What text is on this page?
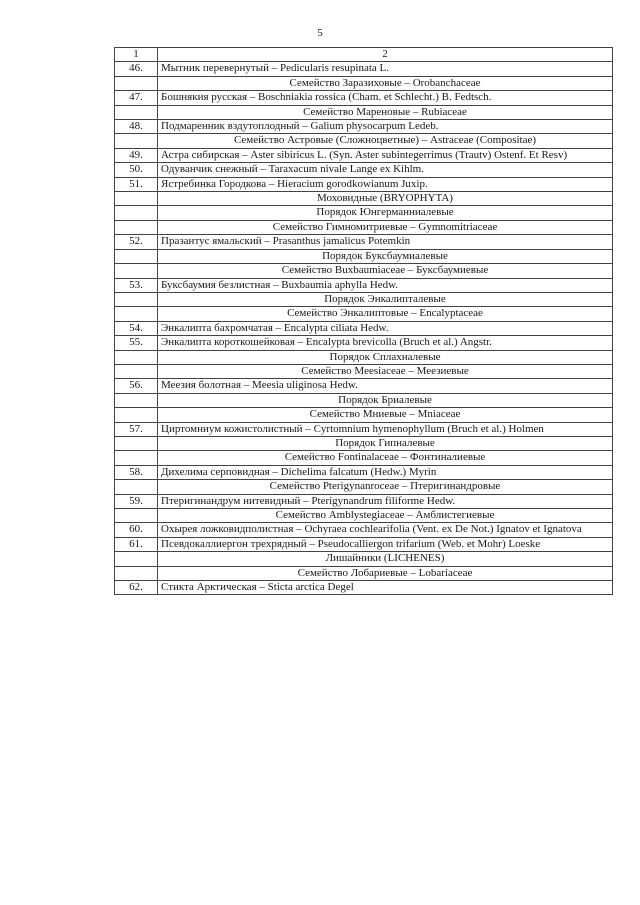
5
1	2
46.	Мытник перевернутый – Pedicularis resupinata L.
	Семейство Заразиховые – Orobanchaceae
47.	Бошнякия русская – Boschniakia rossica (Cham. et Schlecht.) B. Fedtsch.
	Семейство Мареновые – Rubiaceae
48.	Подмаренник вздутоплодный – Galium physocarpum Ledeb.
	Семейство Астровые (Сложноцветные) – Astraceae (Compositae)
49.	Астра сибирская – Aster sibiricus L. (Syn. Aster subintegerrimus (Trautv) Ostenf. Et Resv)
50.	Одуванчик снежный – Taraxacum nivale Lange ex Kihlm.
51.	Ястребинка Городкова – Hieracium gorodkowianum Juxip.
	Моховидные (BRYOPHYTA)
	Порядок Юнгерманниалевые
	Семейство Гимномитриевые – Gymnomitriaceae
52.	Празантус ямальский – Prasanthus jamalicus Potemkin
	Порядок Буксбаумиалевые
	Семейство Buxbaumiaceae – Буксбаумиевые
53.	Буксбаумия безлистная – Buxbaumia aphylla Hedw.
	Порядок Энкалипталевые
	Семейство Энкалиптовые – Encalyptaceae
54.	Энкалипта бахромчатая – Encalypta ciliata Hedw.
55.	Энкалипта короткошейковая – Encalypta brevicolla (Bruch et al.) Angstr.
	Порядок Сплахналевые
	Семейство Meesiaceae – Меезиевые
56.	Меезия болотная – Meesia uliginosa Hedw.
	Порядок Бриалевые
	Семейство Мниевые – Mniaceae
57.	Циртомниум кожистолистный – Cyrtomnium hymenophyllum (Bruch et al.) Holmen
	Порядок Гипналевые
	Семейство Fontinalaceae – Фонтиналиевые
58.	Дихелима серповидная – Dichelima falcatum (Hedw.) Myrin
	Семейство Pterigynanroceae – Птеригинандровые
59.	Птеригинандрум нитевидный – Pterigynandrum filiforme Hedw.
	Семейство Amblystegiaceae – Амблистегиевые
60.	Охырея ложковидполистная – Ochyraea cochlearifolia (Vent. ex De Not.) Ignatov et Ignatova
61.	Псевдокаллиергон трехрядный – Pseudocalliergon trifarium (Web. et Mohr) Loeske
	Лишайники (LICHENES)
	Семейство Лобариевые – Lobariaceae
62.	Стикта Арктическая – Sticta arctica Degel
